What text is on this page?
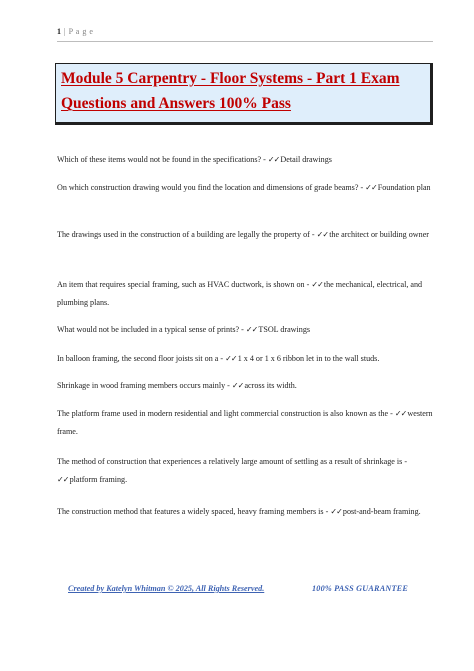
1 | P a g e

Module 5 Carpentry - Floor Systems - Part 1 Exam
Questions and Answers 100% Pass

Which of these items would not be found in the specifications? - ✓✓Detail drawings

On which construction drawing would you find the location and dimensions of grade beams? - ✓✓Foundation plan

The drawings used in the construction of a building are legally the property of - ✓✓the architect or building owner

An item that requires special framing, such as HVAC ductwork, is shown on - ✓✓the mechanical, electrical, and plumbing plans.

What would not be included in a typical sense of prints? - ✓✓TSOL drawings

In balloon framing, the second floor joists sit on a - ✓✓1 x 4 or 1 x 6 ribbon let in to the wall studs.

Shrinkage in wood framing members occurs mainly - ✓✓across its width.

The platform frame used in modern residential and light commercial construction is also known as the - ✓✓western frame.

The method of construction that experiences a relatively large amount of settling as a result of shrinkage is - ✓✓platform framing.

The construction method that features a widely spaced, heavy framing members is - ✓✓post-and-beam framing.

Created by Katelyn Whitman © 2025, All Rights Reserved.	100% PASS GUARANTEE
